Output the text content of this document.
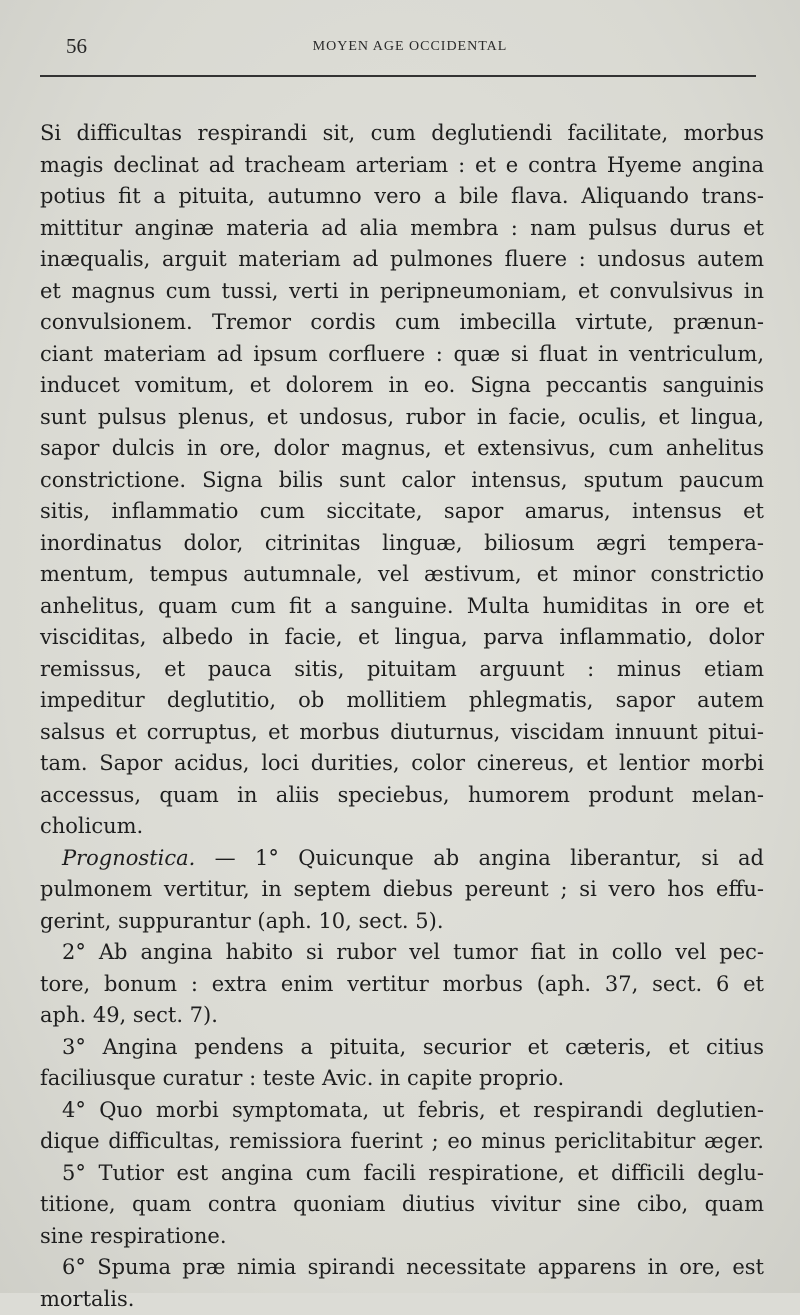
56	MOYEN AGE OCCIDENTAL
Si difficultas respirandi sit, cum deglutiendi facilitate, morbus
magis declinat ad tracheam arteriam : et e contra Hyeme angina
potius fit a pituita, autumno vero a bile flava. Aliquando trans-
mittitur anginæ materia ad alia membra : nam pulsus durus et
inæqualis, arguit materiam ad pulmones fluere : undosus autem
et magnus cum tussi, verti in peripneumoniam, et convulsivus in
convulsionem. Tremor cordis cum imbecilla virtute, prænun-
ciant materiam ad ipsum corfluere : quæ si fluat in ventriculum,
inducet vomitum, et dolorem in eo. Signa peccantis sanguinis
sunt pulsus plenus, et undosus, rubor in facie, oculis, et lingua,
sapor dulcis in ore, dolor magnus, et extensivus, cum anhelitus
constrictione. Signa bilis sunt calor intensus, sputum paucum
sitis, inflammatio cum siccitate, sapor amarus, intensus et
inordinatus dolor, citrinitas linguæ, biliosum ægri tempera-
mentum, tempus autumnale, vel æstivum, et minor constrictio
anhelitus, quam cum fit a sanguine. Multa humiditas in ore et
visciditas, albedo in facie, et lingua, parva inflammatio, dolor
remissus, et pauca sitis, pituitam arguunt : minus etiam
impeditur deglutitio, ob mollitiem phlegmatis, sapor autem
salsus et corruptus, et morbus diuturnus, viscidam innuunt pitui-
tam. Sapor acidus, loci durities, color cinereus, et lentior morbi
accessus, quam in aliis speciebus, humorem produnt melan-
cholicum.
Prognostica. — 1° Quicunque ab angina liberantur, si ad
pulmonem vertitur, in septem diebus pereunt ; si vero hos effu-
gerint, suppurantur (aph. 10, sect. 5).
2° Ab angina habito si rubor vel tumor fiat in collo vel pec-
tore, bonum : extra enim vertitur morbus (aph. 37, sect. 6 et
aph. 49, sect. 7).
3° Angina pendens a pituita, securior et cæteris, et citius
faciliusque curatur : teste Avic. in capite proprio.
4° Quo morbi symptomata, ut febris, et respirandi deglutien-
dique difficultas, remissiora fuerint ; eo minus periclitabitur æger.
5° Tutior est angina cum facili respiratione, et difficili deglu-
titione, quam contra quoniam diutius vivitur sine cibo, quam
sine respiratione.
6° Spuma præ nimia spirandi necessitate apparens in ore, est
mortalis.
